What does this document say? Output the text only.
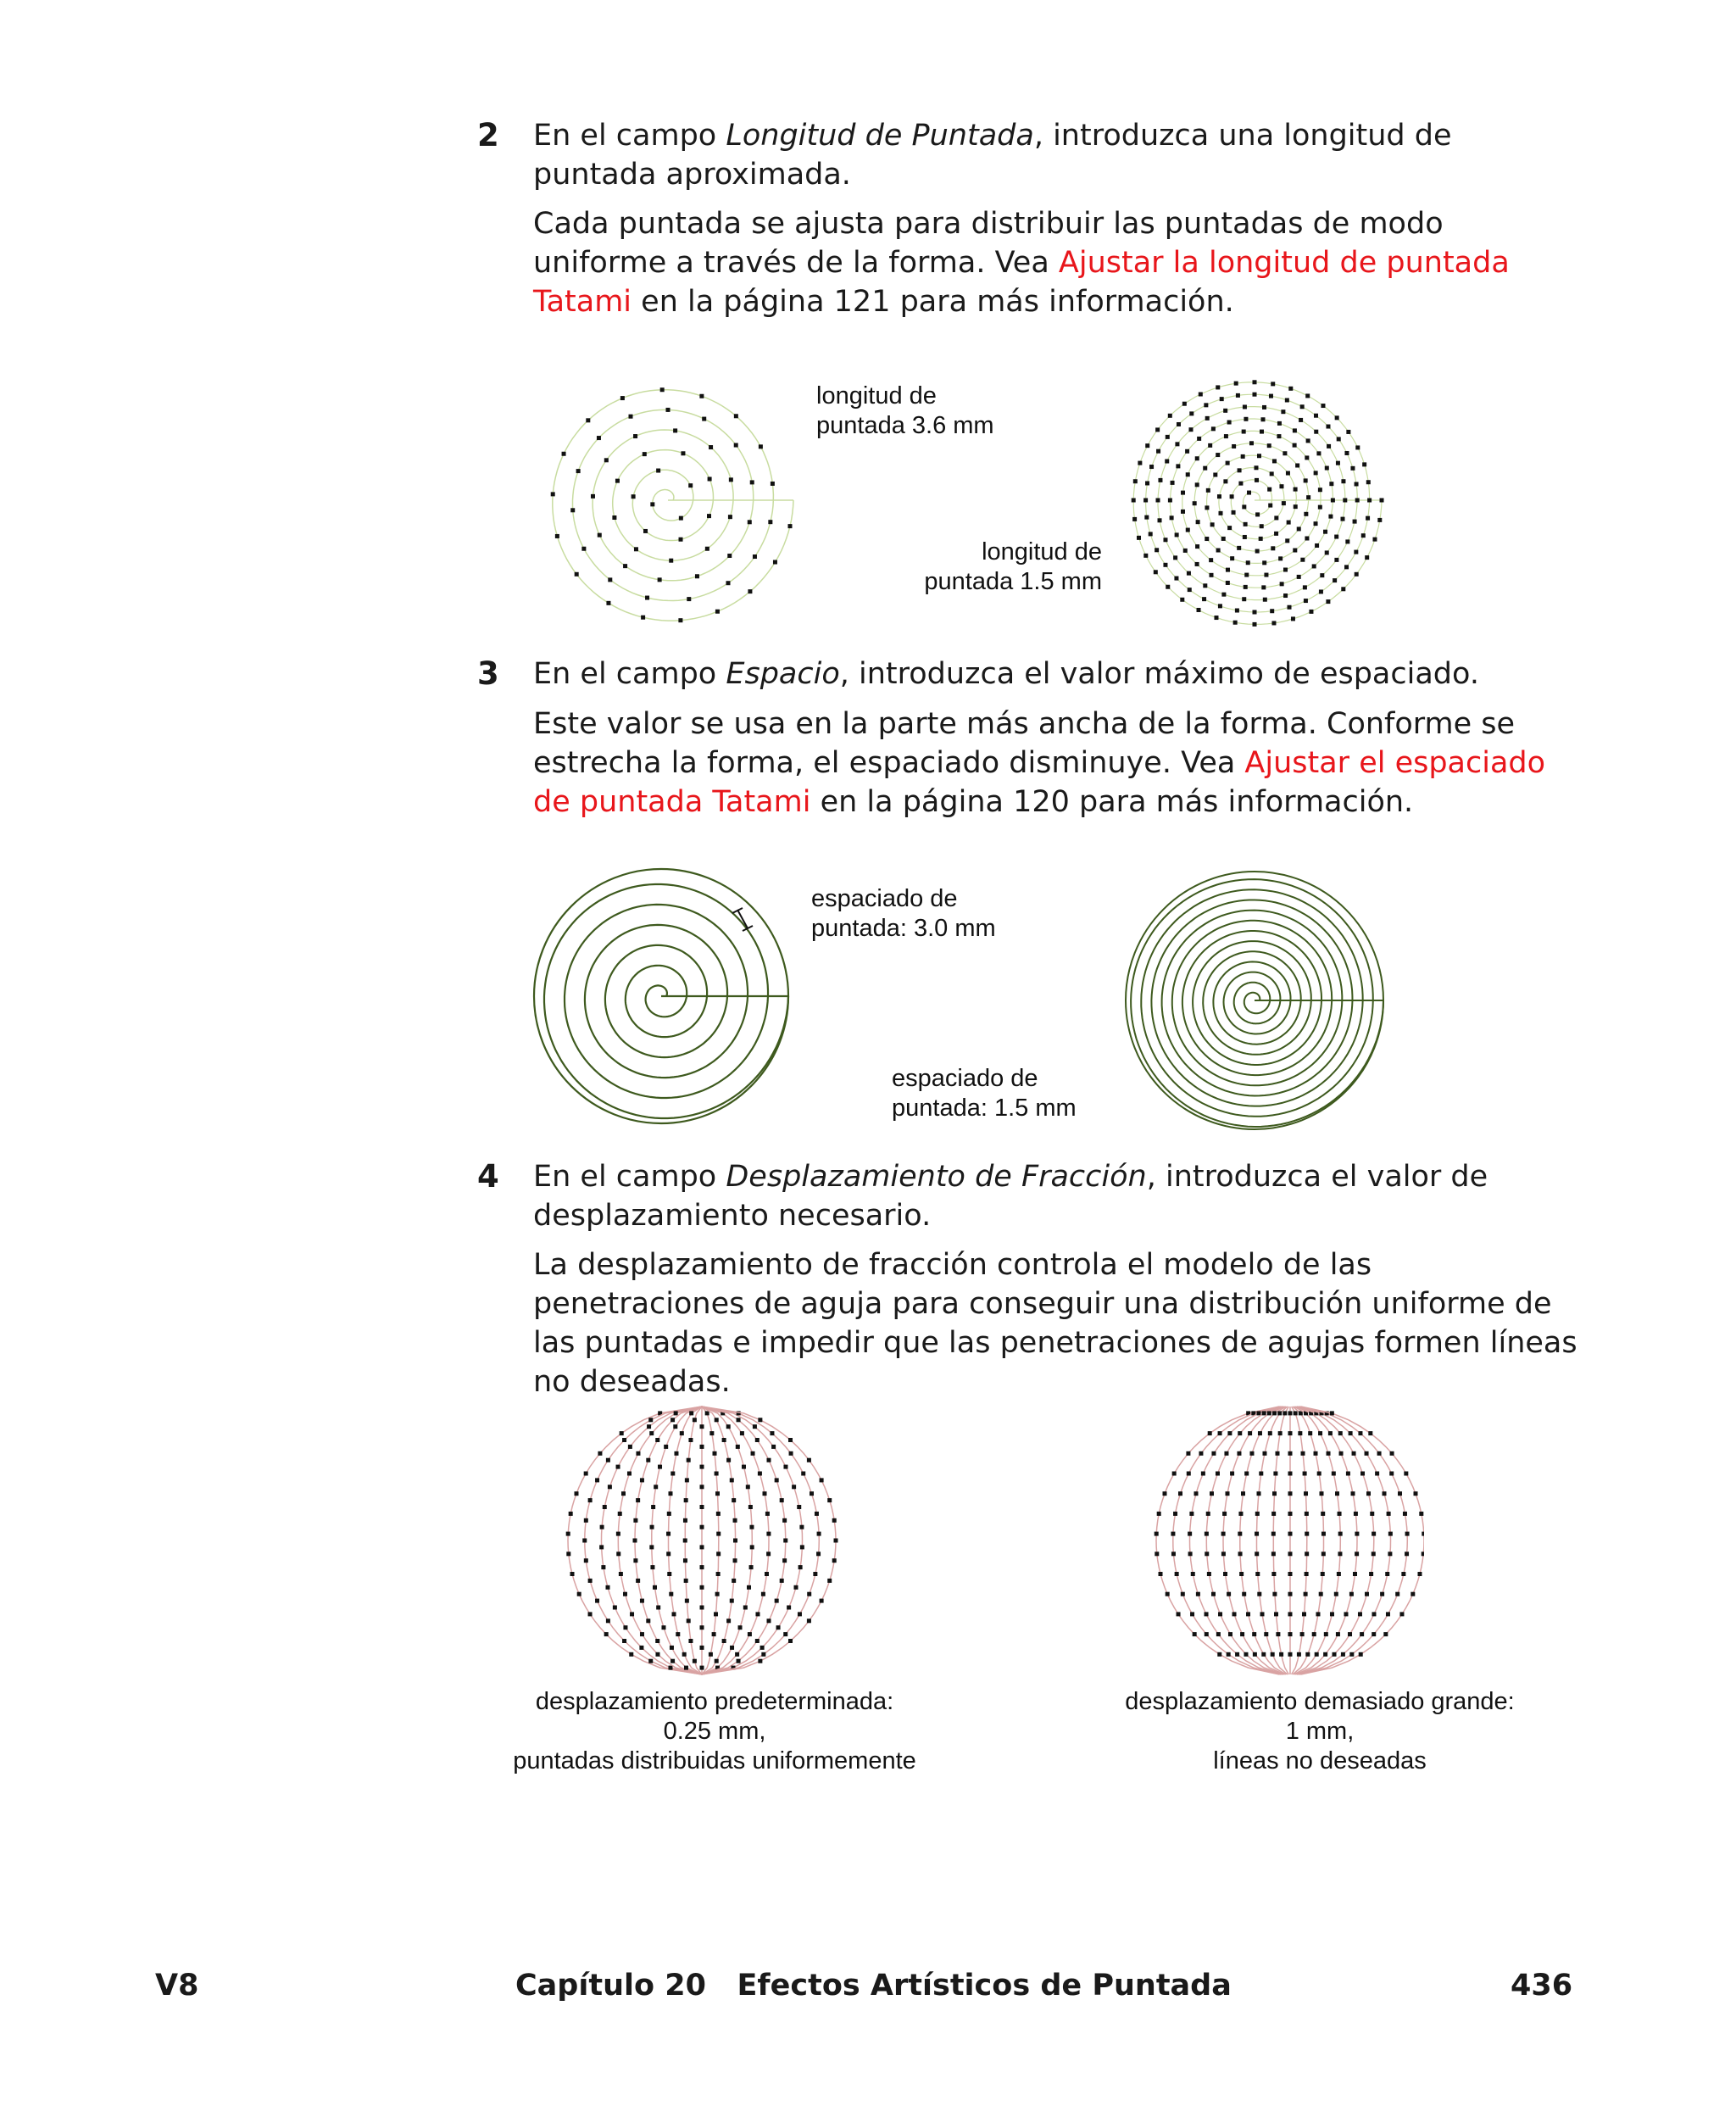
2 En el campo Longitud de Puntada, introduzca una longitud de puntada aproximada.

Cada puntada se ajusta para distribuir las puntadas de modo uniforme a través de la forma. Vea Ajustar la longitud de puntada Tatami en la página 121 para más información.

longitud de
puntada 3.6 mm
longitud de
puntada 1.5 mm
3 En el campo Espacio, introduzca el valor máximo de espaciado.

Este valor se usa en la parte más ancha de la forma. Conforme se estrecha la forma, el espaciado disminuye. Vea Ajustar el espaciado de puntada Tatami en la página 120 para más información.

espaciado de
puntada: 3.0 mm
espaciado de
puntada: 1.5 mm
4 En el campo Desplazamiento de Fracción, introduzca el valor de desplazamiento necesario.

La desplazamiento de fracción controla el modelo de las penetraciones de aguja para conseguir una distribución uniforme de las puntadas e impedir que las penetraciones de agujas formen líneas no deseadas.

desplazamiento predeterminada:
0.25 mm,
puntadas distribuidas uniformemente
desplazamiento demasiado grande:
1 mm,
líneas no deseadas
V8	Capítulo 20   Efectos Artísticos de Puntada	436
